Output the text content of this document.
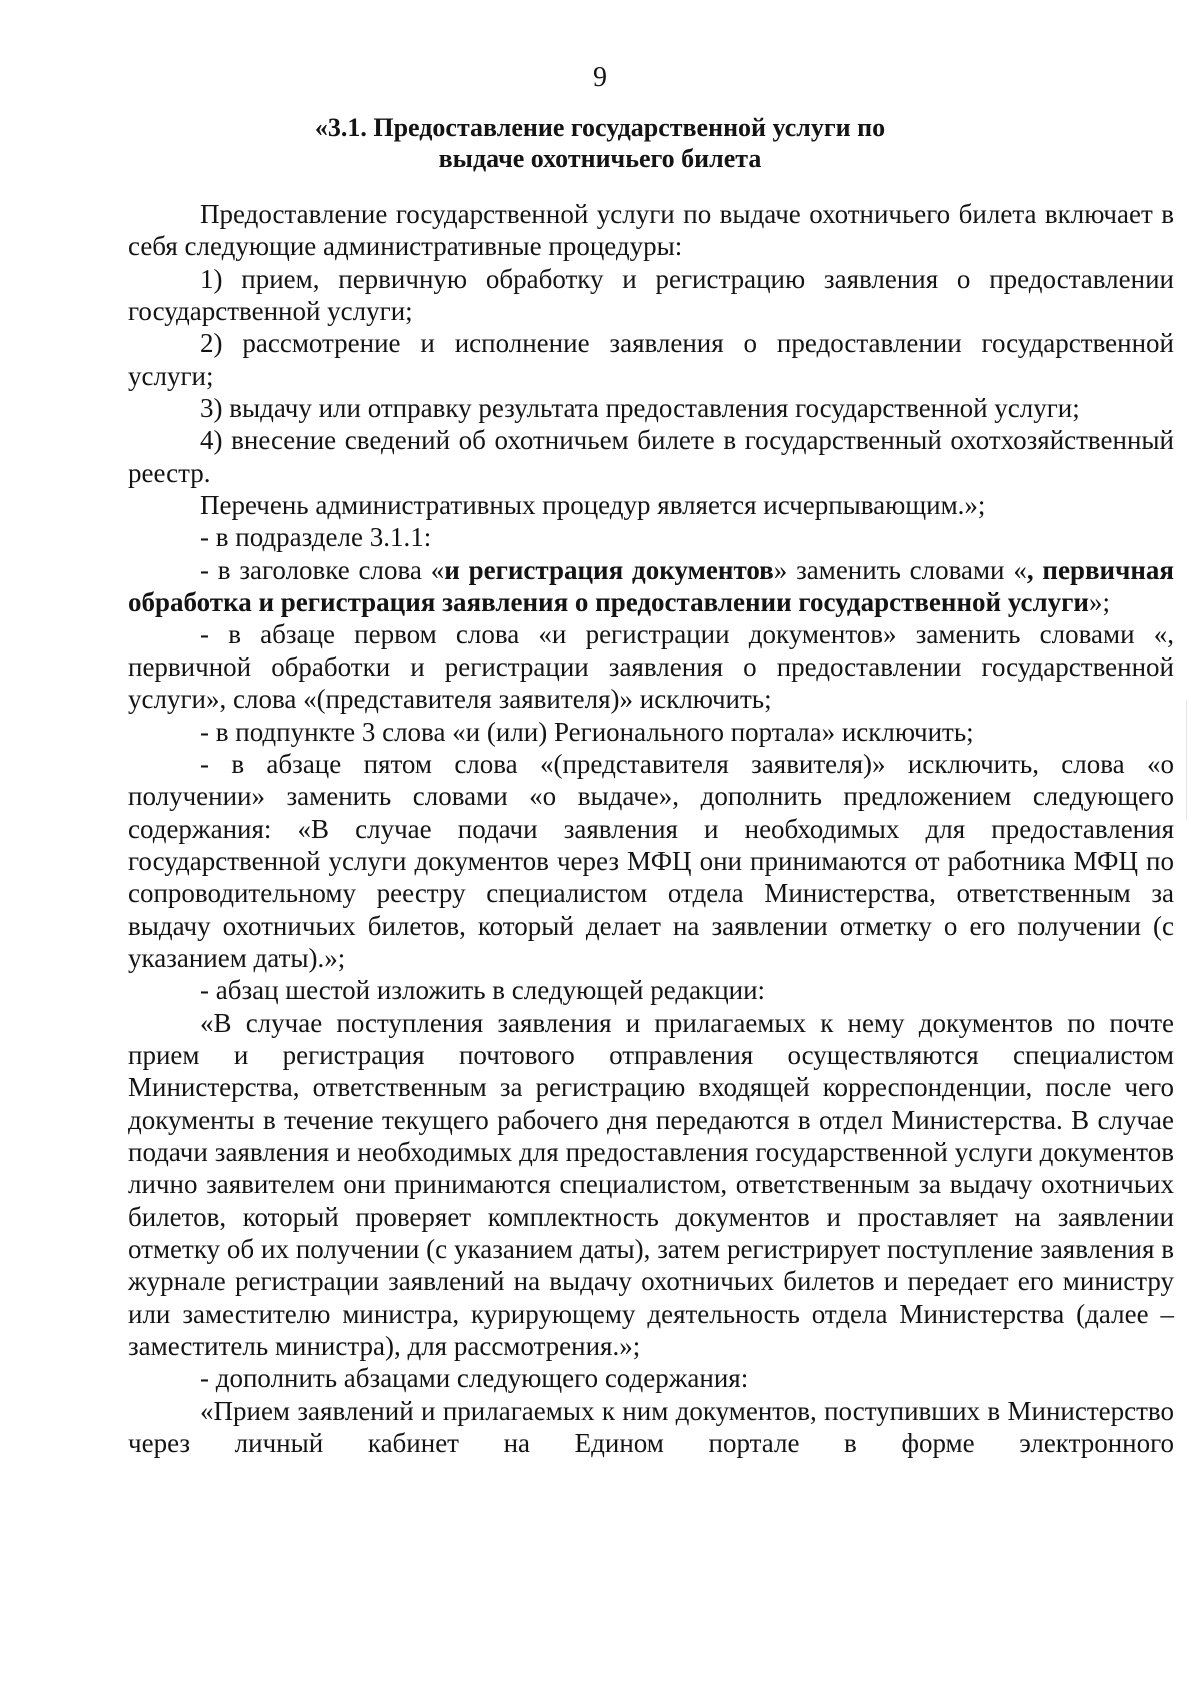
9
«3.1. Предоставление государственной услуги по
выдаче охотничьего билета

Предоставление государственной услуги по выдаче охотничьего билета включает в себя следующие административные процедуры:

1) прием, первичную обработку и регистрацию заявления о предоставлении государственной услуги;

2) рассмотрение и исполнение заявления о предоставлении государственной услуги;

3) выдачу или отправку результата предоставления государственной услуги;

4) внесение сведений об охотничьем билете в государственный охотхозяйственный реестр.

Перечень административных процедур является исчерпывающим.»;

- в подразделе 3.1.1:

- в заголовке слова «и регистрация документов» заменить словами «, первичная обработка и регистрация заявления о предоставлении государственной услуги»;

- в абзаце первом слова «и регистрации документов» заменить словами «, первичной обработки и регистрации заявления о предоставлении государственной услуги», слова «(представителя заявителя)» исключить;

- в подпункте 3 слова «и (или) Регионального портала» исключить;

- в абзаце пятом слова «(представителя заявителя)» исключить, слова «о получении» заменить словами «о выдаче», дополнить предложением следующего содержания: «В случае подачи заявления и необходимых для предоставления государственной услуги документов через МФЦ они принимаются от работника МФЦ по сопроводительному реестру специалистом отдела Министерства, ответственным за выдачу охотничьих билетов, который делает на заявлении отметку о его получении (с указанием даты).»;

- абзац шестой изложить в следующей редакции:

«В случае поступления заявления и прилагаемых к нему документов по почте прием и регистрация почтового отправления осуществляются специалистом Министерства, ответственным за регистрацию входящей корреспонденции, после чего документы в течение текущего рабочего дня передаются в отдел Министерства. В случае подачи заявления и необходимых для предоставления государственной услуги документов лично заявителем они принимаются специалистом, ответственным за выдачу охотничьих билетов, который проверяет комплектность документов и проставляет на заявлении отметку об их получении (с указанием даты), затем регистрирует поступление заявления в журнале регистрации заявлений на выдачу охотничьих билетов и передает его министру или заместителю министра, курирующему деятельность отдела Министерства (далее – заместитель министра), для рассмотрения.»;

- дополнить абзацами следующего содержания:

«Прием заявлений и прилагаемых к ним документов, поступивших в Министерство через личный кабинет на Едином портале в форме электронного
